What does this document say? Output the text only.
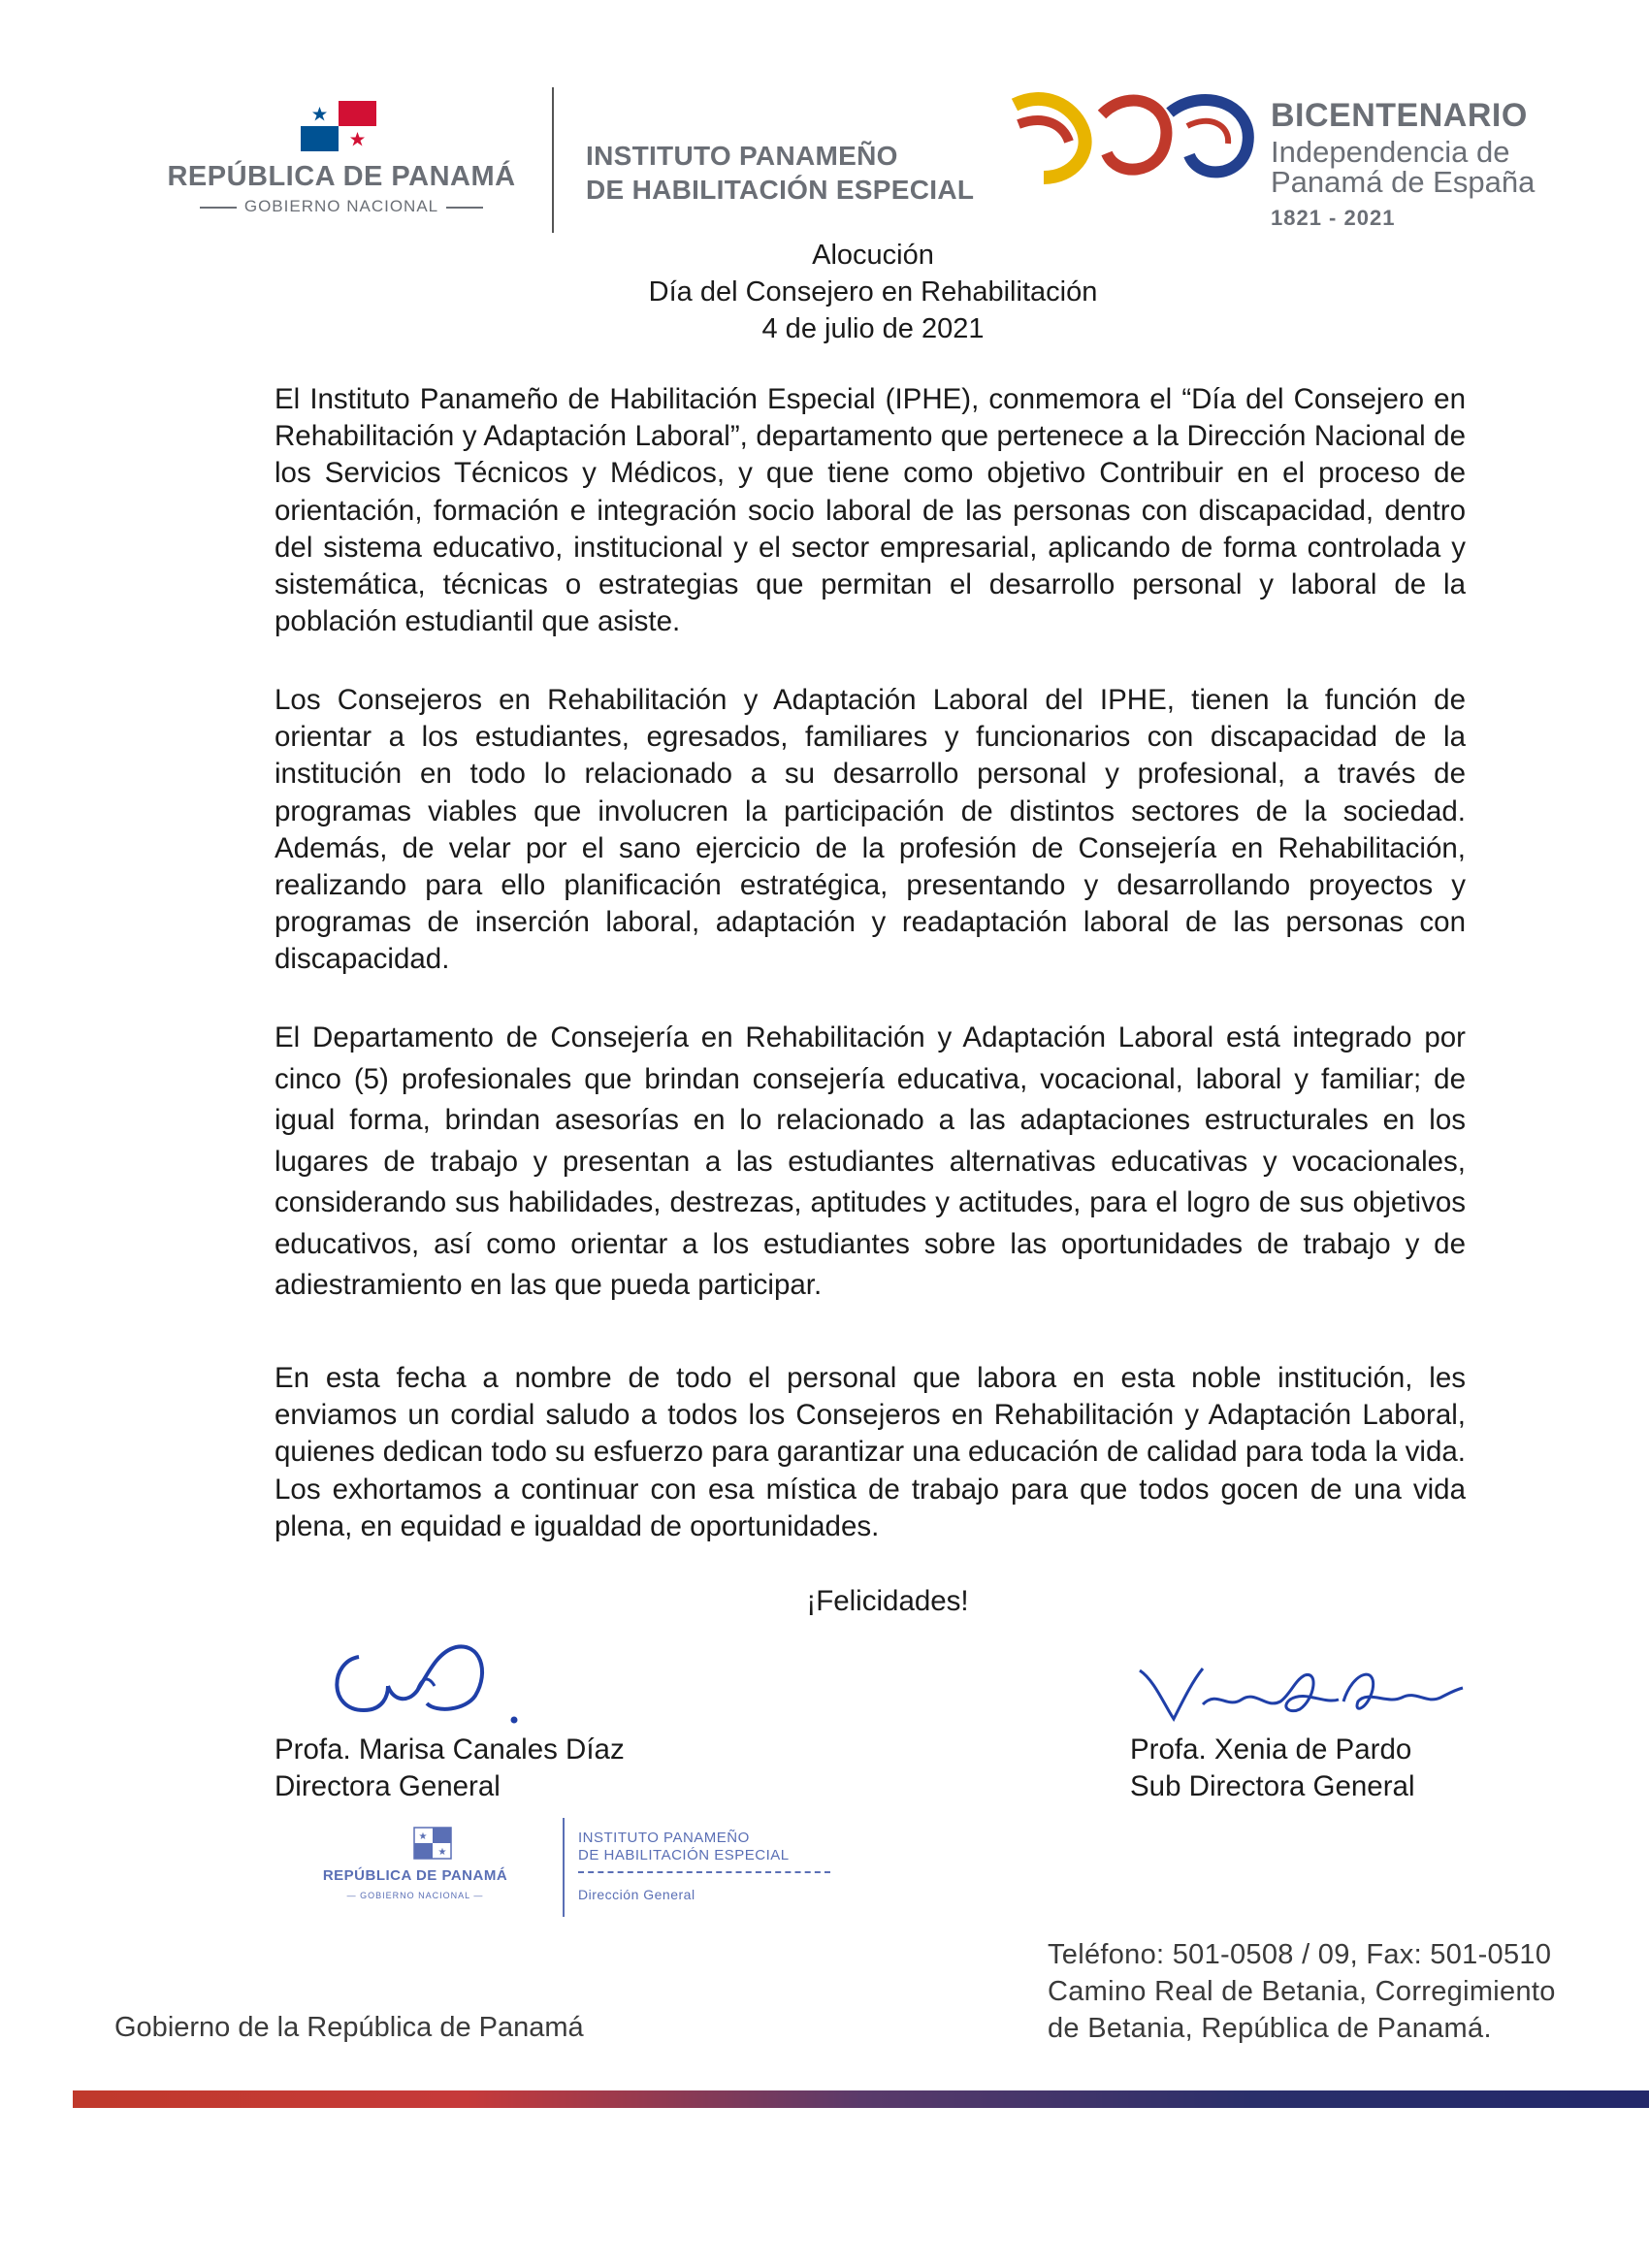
REPÚBLICA DE PANAMÁ
GOBIERNO NACIONAL
INSTITUTO PANAMEÑO
DE HABILITACIÓN ESPECIAL
BICENTENARIO
Independencia de
Panamá de España
1821 - 2021
Alocución
Día del Consejero en Rehabilitación
4 de julio de 2021
El Instituto Panameño de Habilitación Especial (IPHE), conmemora el “Día del Consejero en Rehabilitación y Adaptación Laboral”, departamento que pertenece a la Dirección Nacional de los Servicios Técnicos y Médicos, y que tiene como objetivo Contribuir en el proceso de orientación, formación e integración socio laboral de las personas con discapacidad, dentro del sistema educativo, institucional y el sector empresarial, aplicando de forma controlada y sistemática, técnicas o estrategias que permitan el desarrollo personal y laboral de la población estudiantil que asiste.
Los Consejeros en Rehabilitación y Adaptación Laboral del IPHE, tienen la función de orientar a los estudiantes, egresados, familiares y funcionarios con discapacidad de la institución en todo lo relacionado a su desarrollo personal y profesional, a través de programas viables que involucren la participación de distintos sectores de la sociedad. Además, de velar por el sano ejercicio de la profesión de Consejería en Rehabilitación, realizando para ello planificación estratégica, presentando y desarrollando proyectos y programas de inserción laboral, adaptación y readaptación laboral de las personas con discapacidad.
El Departamento de Consejería en Rehabilitación y Adaptación Laboral está integrado por cinco (5) profesionales que brindan consejería educativa, vocacional, laboral y familiar; de igual forma, brindan asesorías en lo relacionado a las adaptaciones estructurales en los lugares de trabajo y presentan a las estudiantes alternativas educativas y vocacionales, considerando sus habilidades, destrezas, aptitudes y actitudes, para el logro de sus objetivos educativos, así como orientar a los estudiantes sobre las oportunidades de trabajo y de adiestramiento en las que pueda participar.
En esta fecha a nombre de todo el personal que labora en esta noble institución, les enviamos un cordial saludo a todos los Consejeros en Rehabilitación y Adaptación Laboral, quienes dedican todo su esfuerzo para garantizar una educación de calidad para toda la vida. Los exhortamos a continuar con esa mística de trabajo para que todos gocen de una vida plena, en equidad e igualdad de oportunidades.
¡Felicidades!
Profa. Marisa Canales Díaz
Directora General
Profa. Xenia de Pardo
Sub Directora General
★
★
REPÚBLICA DE PANAMÁ
— GOBIERNO NACIONAL —
INSTITUTO PANAMEÑO
DE HABILITACIÓN ESPECIAL
Dirección General
Gobierno de la República de Panamá
Teléfono: 501-0508 / 09, Fax: 501-0510
Camino Real de Betania, Corregimiento
de Betania, República de Panamá.
